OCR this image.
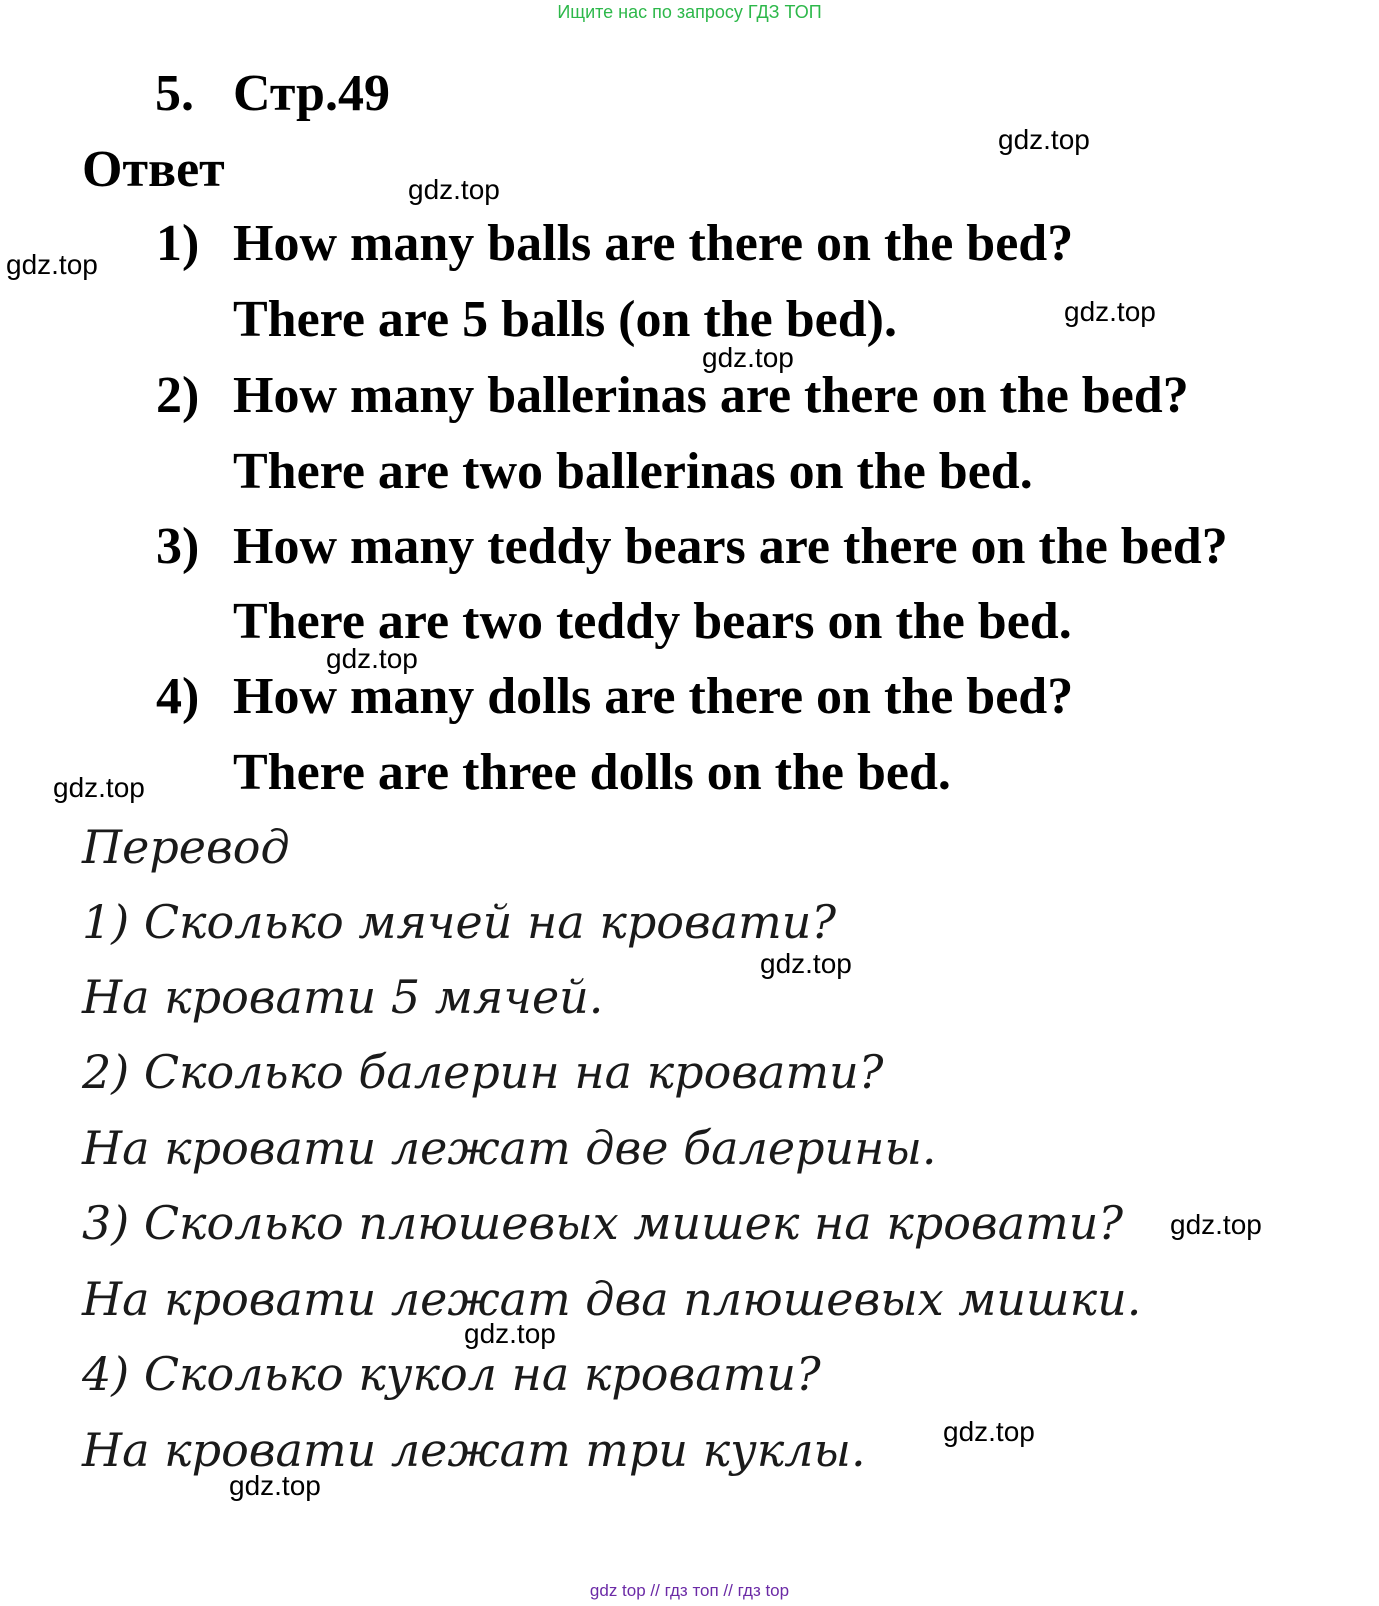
Ищите нас по запросу ГДЗ ТОП
5. Стр.49
Ответ
1) How many balls are there on the bed?
There are 5 balls (on the bed).
2) How many ballerinas are there on the bed?
There are two ballerinas on the bed.
3) How many teddy bears are there on the bed?
There are two teddy bears on the bed.
4) How many dolls are there on the bed?
There are three dolls on the bed.
Перевод
1) Сколько мячей на кровати?
На кровати 5 мячей.
2) Сколько балерин на кровати?
На кровати лежат две балерины.
3) Сколько плюшевых мишек на кровати?
На кровати лежат два плюшевых мишки.
4) Сколько кукол на кровати?
На кровати лежат три куклы.
gdz.top
gdz.top
gdz.top
gdz.top
gdz.top
gdz.top
gdz.top
gdz.top
gdz.top
gdz.top
gdz.top
gdz.top
gdz top // гдз топ // гдз top
